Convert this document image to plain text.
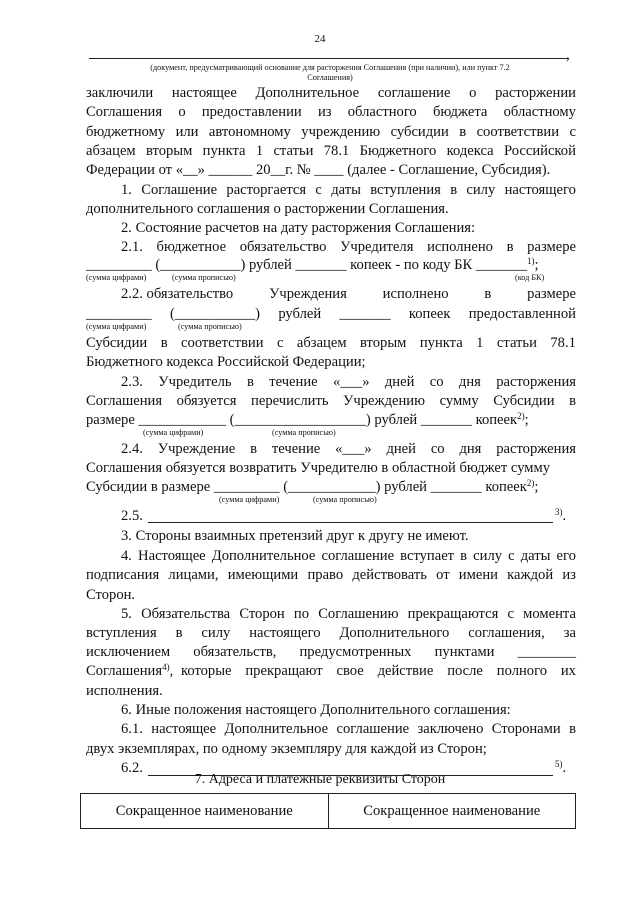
24
,
(документ, предусматривающий основание для расторжения Соглашения (при наличии), или пункт 7.2
Соглашения)
заключили настоящее Дополнительное соглашение о расторжении
Соглашения о предоставлении из областного бюджета областному
бюджетному или автономному учреждению субсидии в соответствии с
абзацем вторым пункта 1 статьи 78.1 Бюджетного кодекса Российской
Федерации от «__» ______ 20__г. № ____ (далее - Соглашение, Субсидия).
1. Соглашение расторгается с даты вступления в силу настоящего
дополнительного соглашения о расторжении Соглашения.
2. Состояние расчетов на дату расторжения Соглашения:
2.1. бюджетное обязательство Учредителя исполнено в размере
_________ (___________) рублей _______ копеек - по коду БК _______$^{1)}$;
(сумма цифрами)	(сумма прописью)	(код БК)
2.2. обязательство Учреждения исполнено в размере
_________ (___________) рублей _______ копеек предоставленной
(сумма цифрами)	(сумма прописью)
Субсидии в соответствии с абзацем вторым пункта 1 статьи 78.1
Бюджетного кодекса Российской Федерации;
2.3. Учредитель в течение «___» дней со дня расторжения
Соглашения обязуется перечислить Учреждению сумму Субсидии в
размере ____________ (__________________) рублей _______ копеек$^{2)}$;
(сумма цифрами)	(сумма прописью)
2.4. Учреждение в течение «___» дней со дня расторжения
Соглашения обязуется возвратить Учредителю в областной бюджет сумму
Субсидии в размере _________ (____________) рублей _______ копеек$^{2)}$;
(сумма цифрами)	(сумма прописью)
2.5.	$^{3)}$.
3. Стороны взаимных претензий друг к другу не имеют.
4. Настоящее Дополнительное соглашение вступает в силу с даты его
подписания лицами, имеющими право действовать от имени каждой из
Сторон.
5. Обязательства Сторон по Соглашению прекращаются с момента
вступления в силу настоящего Дополнительного соглашения, за
исключением обязательств, предусмотренных пунктами ________
Соглашения$^{4)}$, которые прекращают свое действие после полного их
исполнения.
6. Иные положения настоящего Дополнительного соглашения:
6.1. настоящее Дополнительное соглашение заключено Сторонами в
двух экземплярах, по одному экземпляру для каждой из Сторон;
6.2.	$^{5)}$.
7. Адреса и платежные реквизиты Сторон
Сокращенное наименование	Сокращенное наименование
